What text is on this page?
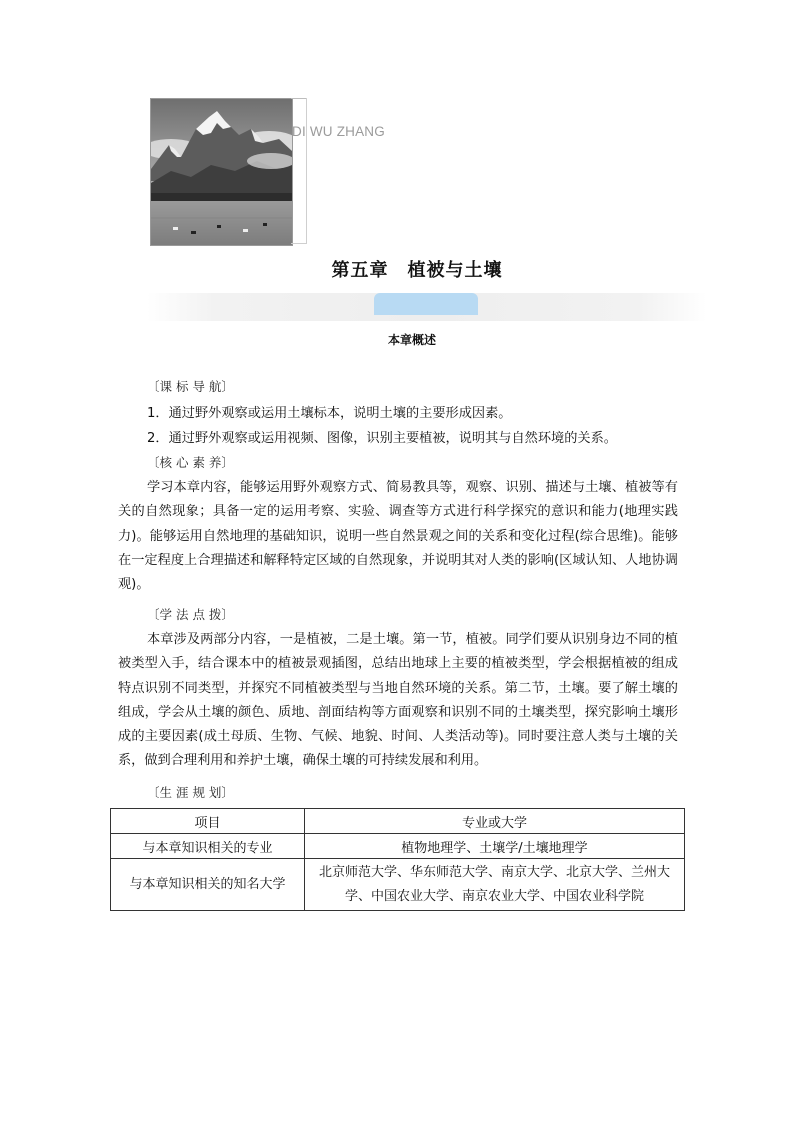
DI WU ZHANG
第五章　植被与土壤
本章概述
〔课 标 导 航〕
1．通过野外观察或运用土壤标本，说明土壤的主要形成因素。
2．通过野外观察或运用视频、图像，识别主要植被，说明其与自然环境的关系。
〔核 心 素 养〕
学习本章内容，能够运用野外观察方式、简易教具等，观察、识别、描述与土壤、植被等有关的自然现象；具备一定的运用考察、实验、调查等方式进行科学探究的意识和能力(地理实践力)。能够运用自然地理的基础知识，说明一些自然景观之间的关系和变化过程(综合思维)。能够在一定程度上合理描述和解释特定区域的自然现象，并说明其对人类的影响(区域认知、人地协调观)。
〔学 法 点 拨〕
本章涉及两部分内容，一是植被，二是土壤。第一节，植被。同学们要从识别身边不同的植被类型入手，结合课本中的植被景观插图，总结出地球上主要的植被类型，学会根据植被的组成特点识别不同类型，并探究不同植被类型与当地自然环境的关系。第二节，土壤。要了解土壤的组成，学会从土壤的颜色、质地、剖面结构等方面观察和识别不同的土壤类型，探究影响土壤形成的主要因素(成土母质、生物、气候、地貌、时间、人类活动等)。同时要注意人类与土壤的关系，做到合理利用和养护土壤，确保土壤的可持续发展和利用。
〔生 涯 规 划〕
项目	专业或大学
与本章知识相关的专业	植物地理学、土壤学/土壤地理学
与本章知识相关的知名大学	北京师范大学、华东师范大学、南京大学、北京大学、兰州大学、中国农业大学、南京农业大学、中国农业科学院
